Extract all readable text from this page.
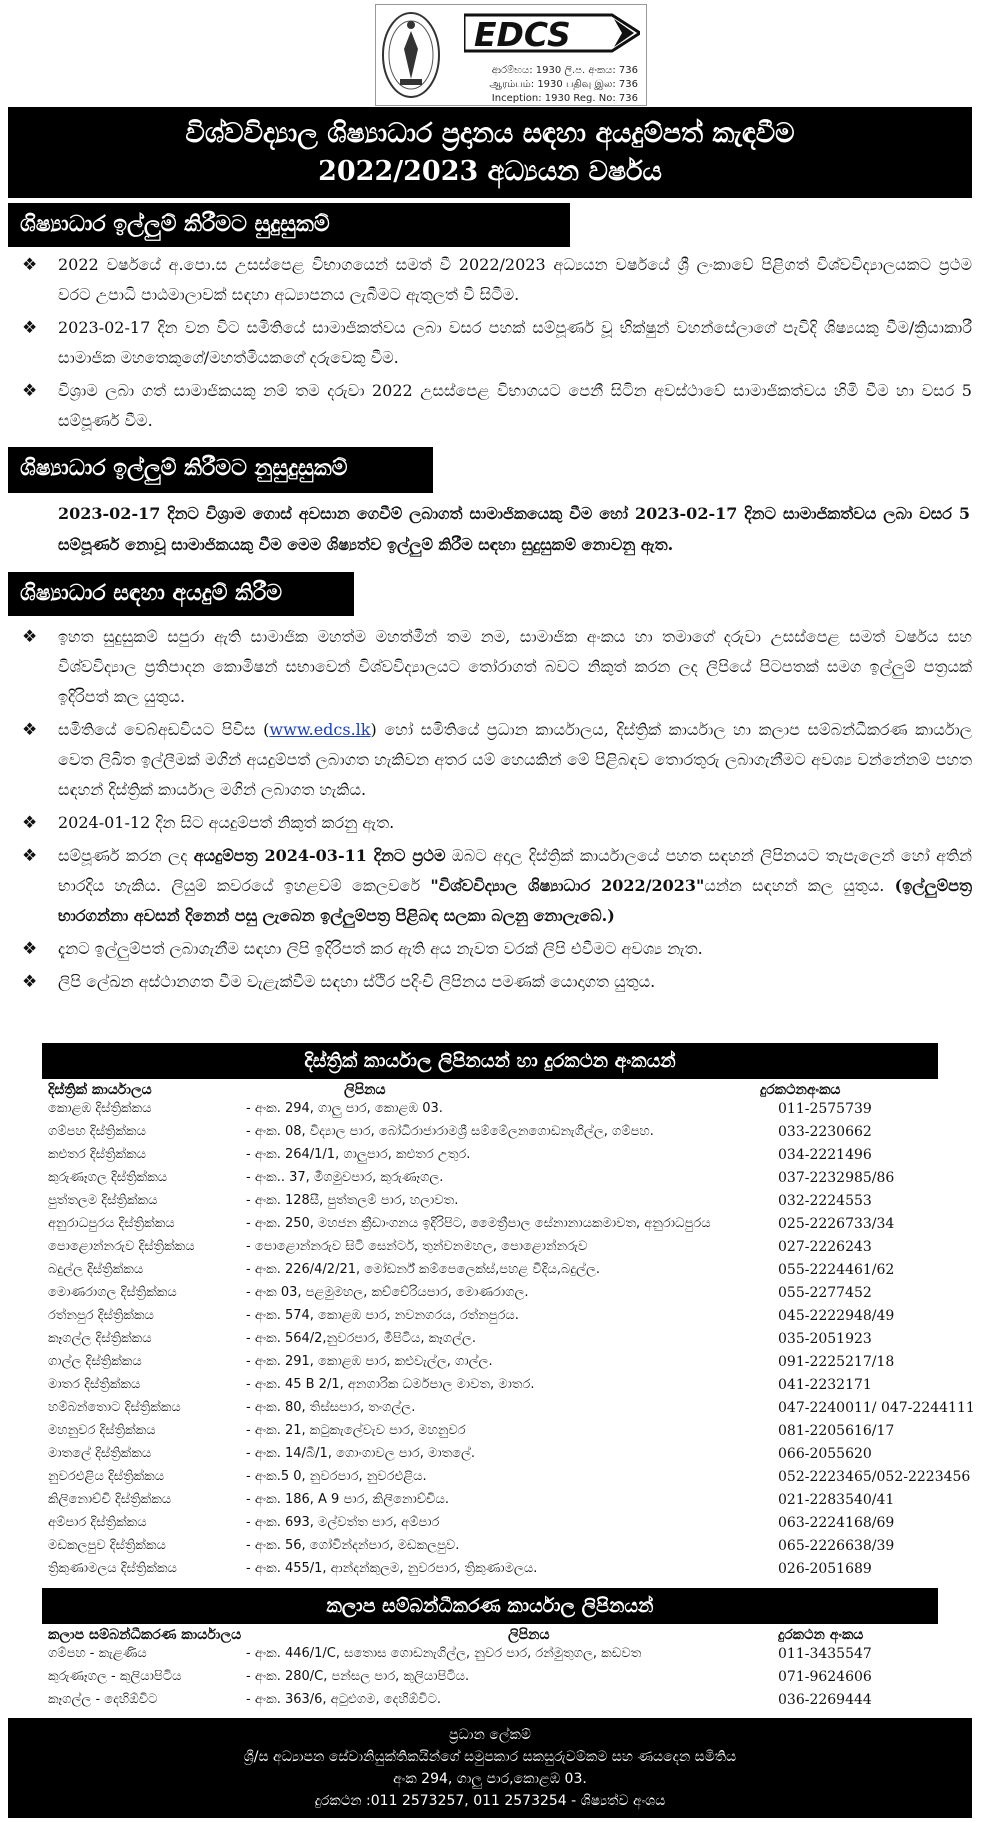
EDCS
ආරම්භය: 1930 ලි.ප. අංකය: 736
ஆரம்பம்: 1930 பதிவு இல: 736
Inception: 1930 Reg. No: 736
විශ්වවිද්‍යාල ශිෂ්‍යාධාර ප්‍රදානය සඳහා අයදුම්පත් කැඳවීම
2022/2023 අධ්‍යයන වර්ෂය
ශිෂ්‍යාධාර ඉල්ලුම් කිරීමට සුදුසුකම්
❖	2022 වර්ෂයේ අ.පො.ස උසස්පෙළ විභාගයෙන් සමත් වී 2022/2023 අධ්‍යයන වර්ෂයේ ශ්‍රී ලංකාවේ පිළිගත් විශ්වවිද්‍යාලයකට ප්‍රථම වරට උපාධි පාඨමාලාවක් සඳහා අධ්‍යාපනය ලැබීමට ඇතුලත් වී සිටීම.
❖	2023-02-17 දින වන විට සමිතියේ සාමාජිකත්වය ලබා වසර පහක් සම්පූර්ණ වූ භික්ෂුන් වහන්සේලාගේ පැවිදි ශිෂ්‍යයකු වීම/ක්‍රියාකාරී සාමාජික මහතෙකුගේ/මහත්මියකගේ දරුවෙකු වීම.
❖	විශ්‍රාම ලබා ගත් සාමාජිකයකු නම් තම දරුවා 2022 උසස්පෙළ විභාගයට පෙනී සිටින අවස්ථාවේ සාමාජිකත්වය හිමි වීම හා වසර 5 සම්පූර්ණ වීම.
ශිෂ්‍යාධාර ඉල්ලුම් කිරීමට නුසුදුසුකම්
2023-02-17 දිනට විශ්‍රාම ගොස් අවසාන ගෙවීම් ලබාගත් සාමාජිකයෙකු වීම හෝ 2023-02-17 දිනට සාමාජිකත්වය ලබා වසර 5 සම්පූර්ණ නොවූ සාමාජිකයකු වීම මෙම ශිෂ්‍යත්ව ඉල්ලුම් කිරීම සඳහා සුදුසුකම් නොවනු ඇත.
ශිෂ්‍යාධාර සඳහා අයදුම් කිරීම
❖	ඉහත සුදුසුකම් සපුරා ඇති සාමාජික මහත්ම මහත්මීන් තම නම, සාමාජික අංකය හා තමාගේ දරුවා උසස්පෙළ සමත් වර්ෂය සහ විශ්වවිද්‍යාල ප්‍රතිපාදන කොමිෂන් සභාවෙන් විශ්වවිද්‍යාලයට තෝරාගත් බවට නිකුත් කරන ලද ලිපියේ පිටපතක් සමග ඉල්ලුම් පත්‍රයක් ඉදිරිපත් කල යුතුය.
❖	සමිතියේ වෙබ්අඩවියට පිවිස (www.edcs.lk) හෝ සමිතියේ ප්‍රධාන කාර්යාලය, දිස්ත්‍රික් කාර්යාල හා කලාප සම්බන්ධීකරණ කාර්යාල වෙත ලිඛිත ඉල්ලීමක් මගින් අයදුම්පත් ලබාගත හැකිවන අතර යම් හෙයකින් මේ පිළිබඳව තොරතුරු ලබාගැනීමට අවශ්‍ය වන්නේනම් පහත සඳහන් දිස්ත්‍රික් කාර්යාල මගින් ලබාගත හැකිය.
❖	2024-01-12 දින සිට අයදුම්පත් නිකුත් කරනු ඇත.
❖	සම්පූර්ණ කරන ලද අයදුම්පත්‍ර 2024-03-11 දිනට ප්‍රථම ඔබට අදාල දිස්ත්‍රික් කාර්යාලයේ පහත සඳහන් ලිපිනයට තැපැලෙන් හෝ අතින් භාරදිය හැකිය. ලියුම් කවරයේ ඉහළවම් කෙලවරේ "විශ්වවිද්‍යාල ශිෂ්‍යාධාර 2022/2023"යන්න සඳහන් කල යුතුය. (ඉල්ලුම්පත්‍ර භාරගන්නා අවසන් දිනෙන් පසු ලැබෙන ඉල්ලුම්පත්‍ර පිළිබඳ සලකා බලනු නොලැබේ.)
❖	දැනට ඉල්ලුම්පත් ලබාගැනීම සඳහා ලිපි ඉදිරිපත් කර ඇති අය නැවත වරක් ලිපි එවීමට අවශ්‍ය නැත.
❖	ලිපි ලේඛන අස්ථානගත වීම වැළැක්වීම සඳහා ස්ථිර පදිංචි ලිපිනය පමණක් යොදාගත යුතුය.
දිස්ත්‍රික් කාර්යාල ලිපිනයන් හා දුරකථන අංකයන්
දිස්ත්‍රික් කාර්යාලය	ලිපිනය	දුරකථනඅංකය
කොළඹ දිස්ත්‍රික්කය	- අංක. 294, ගාලු පාර, කොළඹ 03.	011-2575739
ගම්පහ දිස්ත්‍රික්කය	- අංක. 08, විද්‍යාල පාර, බෝධිරාජාරාමශ්‍රී සම්මේලනගොඩනැගිල්ල, ගම්පහ.	033-2230662
කළුතර දිස්ත්‍රික්කය	- අංක. 264/1/1, ගාලුපාර, කළුතර උතුර.	034-2221496
කුරුණෑගල දිස්ත්‍රික්කය	- අංක.. 37, මීගමුවපාර, කුරුණෑගල.	037-2232985/86
පුත්තලම දිස්ත්‍රික්කය	- අංක. 128සී, පුත්තලම් පාර, හලාවත.	032-2224553
අනුරාධපුරය දිස්ත්‍රික්කය	- අංක. 250, මහජන ක්‍රීඩාංගනය ඉදිරිපිට, මෛත්‍රීපාල සේනානායකමාවත, අනුරාධපුරය	025-2226733/34
පොළොන්නරුව දිස්ත්‍රික්කය	- පොළොන්නරුව සිටි සෙන්ටර්, තුන්වනමහල, පොළොන්නරුව	027-2226243
බදුල්ල දිස්ත්‍රික්කය	- අංක. 226/4/2/21, මෝඩර්න් කම්පෙලෙක්ස්,පහළ වීදිය,බදුල්ල.	055-2224461/62
මොණරාගල දිස්ත්‍රික්කය	- අංක 03, පළමුමහල, කච්චේරියපාර, මොණරාගල.	055-2277452
රත්නපුර දිස්ත්‍රික්කය	- අංක. 574, කොළඹ පාර, නවනගරය, රත්නපුරය.	045-2222948/49
කෑගල්ල දිස්ත්‍රික්කය	- අංක. 564/2,නුවරපාර, මීපිටිය, කෑගල්ල.	035-2051923
ගාල්ල දිස්ත්‍රික්කය	- අංක. 291, කොළඹ පාර, කළුවැල්ල, ගාල්ල.	091-2225217/18
මාතර දිස්ත්‍රික්කය	- අංක. 45 B 2/1, අනගාරික ධර්මපාල මාවත, මාතර.	041-2232171
හම්බන්තොට දිස්ත්‍රික්කය	- අංක. 80, තිස්සපාර, තංගල්ල.	047-2240011/ 047-2244111
මහනුවර දිස්ත්‍රික්කය	- අංක. 21, කටුකැලේවැව පාර, මහනුවර	081-2205616/17
මාතලේ දිස්ත්‍රික්කය	- අංක. 14/බී/1, ගොංගාවල පාර, මාතලේ.	066-2055620
නුවරඑළිය දිස්ත්‍රික්කය	- අංක.5 0, නුවරපාර, නුවරඑළිය.	052-2223465/052-2223456
කිලිනොච්චි දිස්ත්‍රික්කය	- අංක. 186, A 9 පාර, කිලිනොච්චිය.	021-2283540/41
අම්පාර දිස්ත්‍රික්කය	- අංක. 693, මල්වත්ත පාර, අම්පාර	063-2224168/69
මඩකලපුව දිස්ත්‍රික්කය	- අංක. 56, ගෝවින්දන්පාර, මඩකලපුව.	065-2226638/39
ත්‍රිකුණාමලය දිස්ත්‍රික්කය	- අංක. 455/1, ආන්දන්කුලම, නුවරපාර, ත්‍රිකුණාමලය.	026-2051689
කලාප සම්බන්ධීකරණ කාර්යාල ලිපිනයන්
කලාප සම්බන්ධීකරණ කාර්යාලය	ලිපිනය	දුරකථන අංකය
ගම්පහ - කැළණිය	- අංක. 446/1/C, සතොස ගොඩනැගිල්ල, නුවර පාර, රන්මුතුගල, කඩවත	011-3435547
කුරුණෑගල - කුලියාපිටිය	- අංක. 280/C, පන්සල පාර, කුලියාපිටිය.	071-9624606
කෑගල්ල - දෙහිඕවිට	- අංක. 363/6, අටුළුගම, දෙහිඕවිට.	036-2269444
ප්‍රධාන ලේකම්
ශ්‍රී/ස අධ්‍යාපන සේවානියුක්තිකයින්ගේ සමුපකාර සකසුරුවම්කම සහ ණයදෙන සමිතිය
අංක 294, ගාලු පාර,කොළඹ 03.
දුරකථන :011 2573257, 011 2573254 - ශිෂ්‍යත්ව අංශය
